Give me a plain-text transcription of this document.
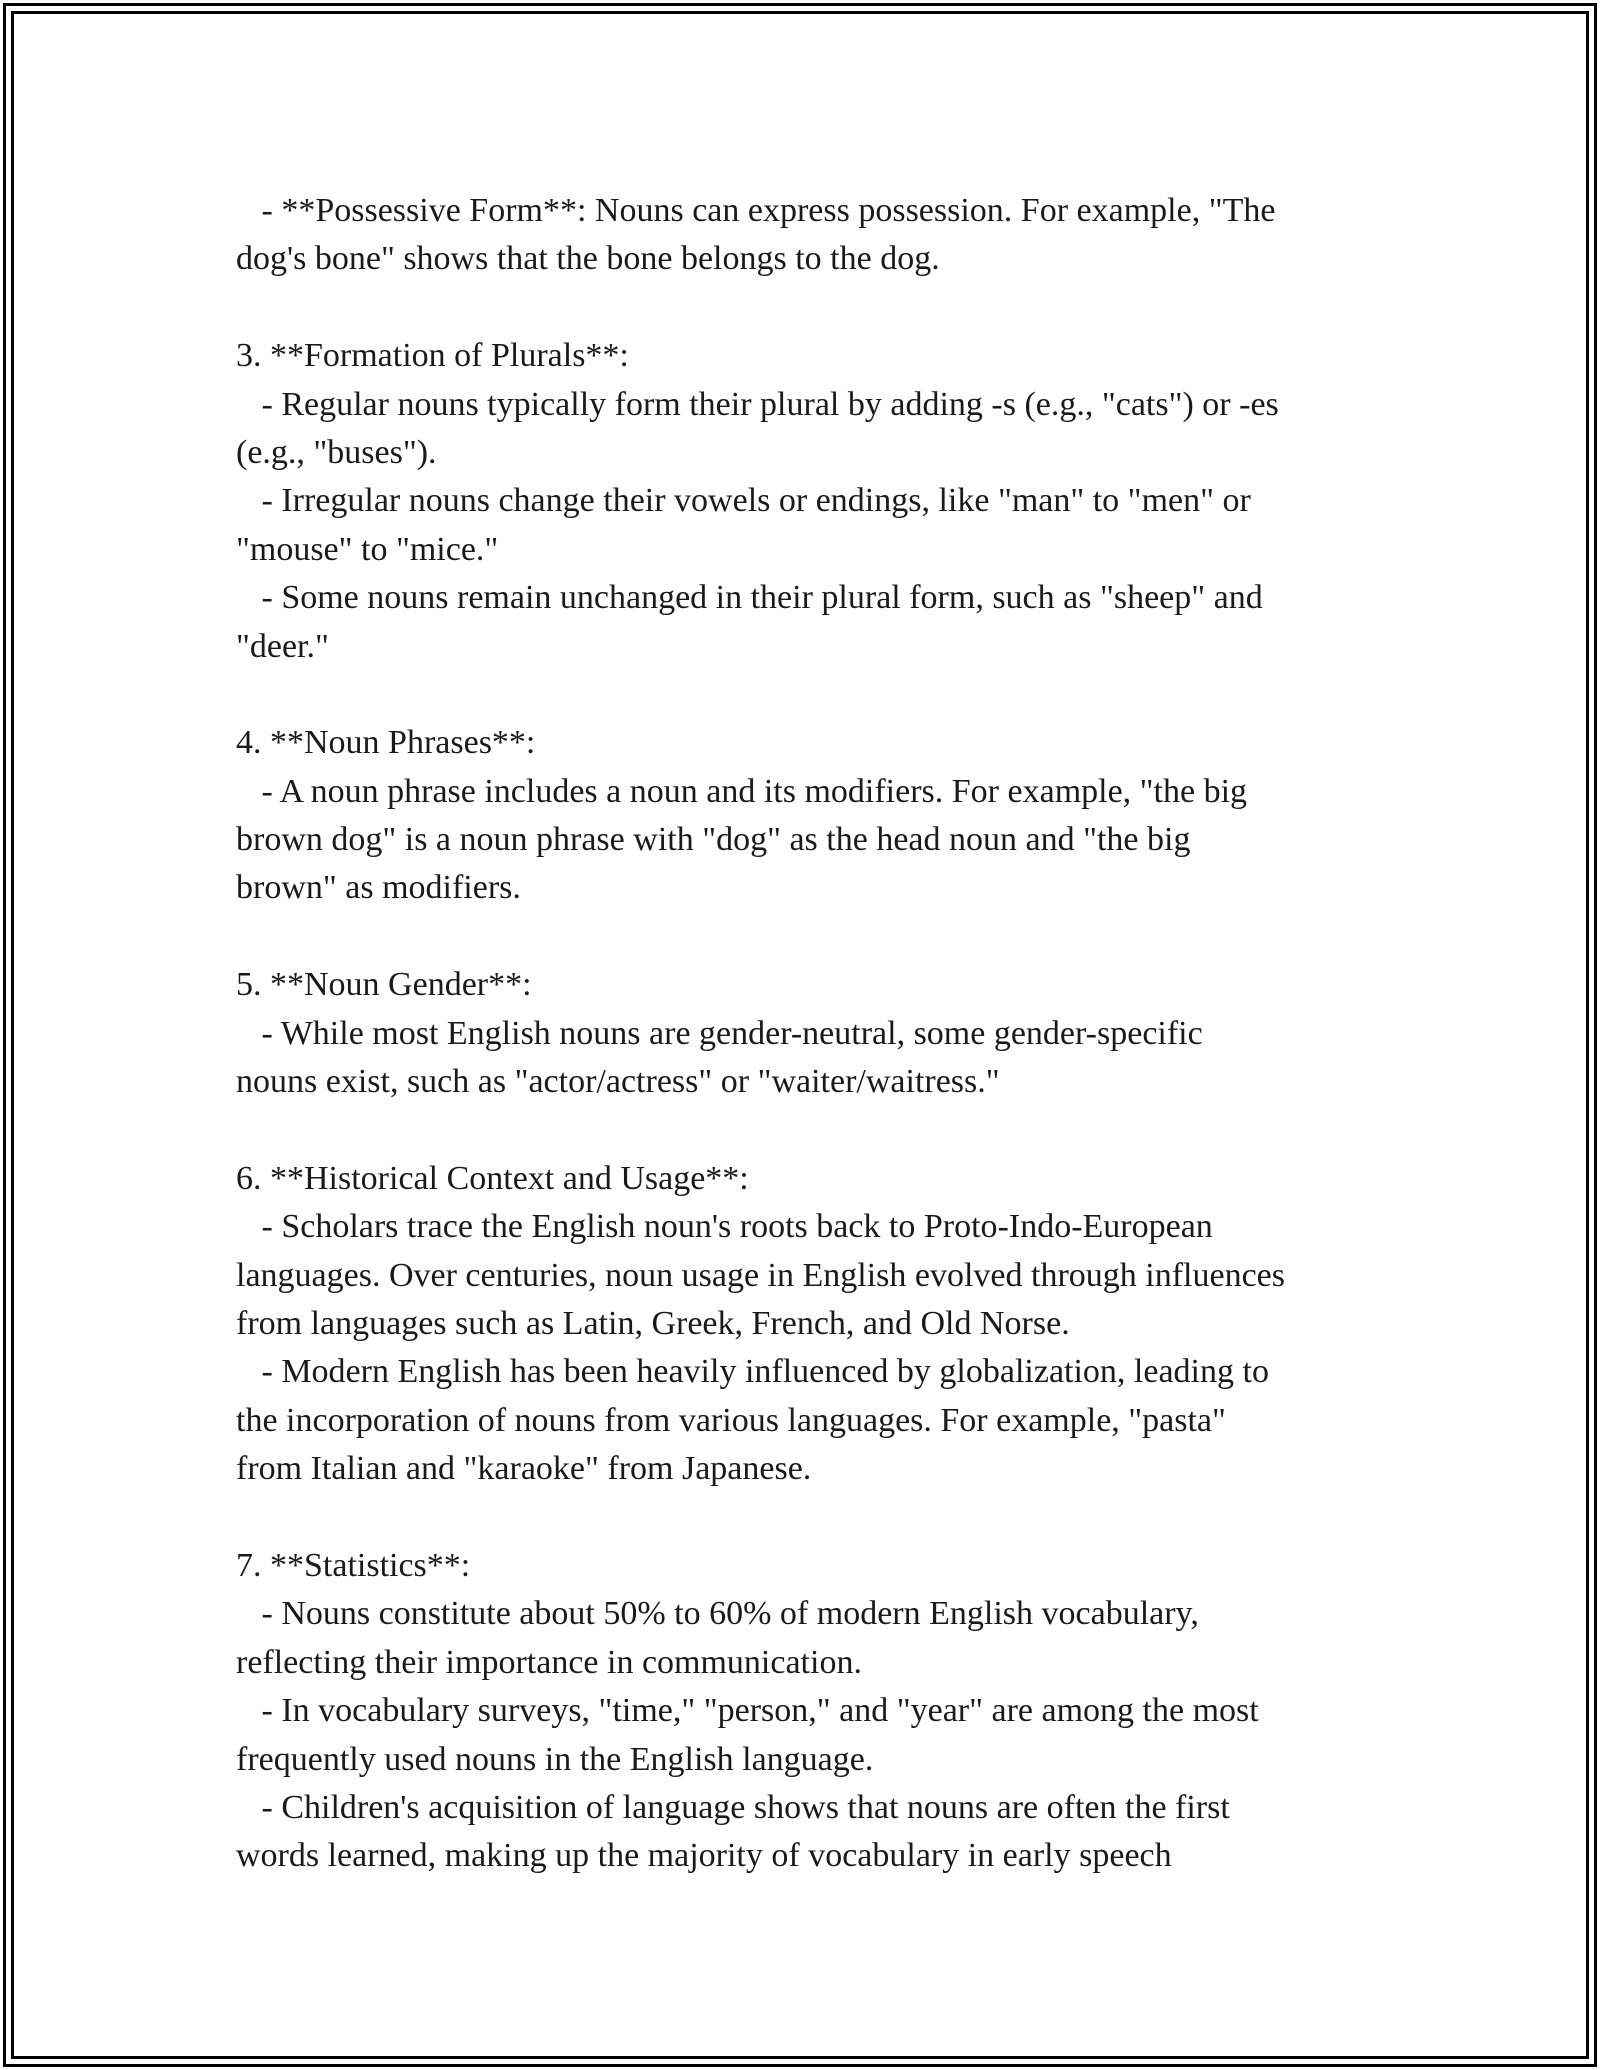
- **Possessive Form**: Nouns can express possession. For example, "The
dog's bone" shows that the bone belongs to the dog.
3. **Formation of Plurals**:
- Regular nouns typically form their plural by adding -s (e.g., "cats") or -es
(e.g., "buses").
- Irregular nouns change their vowels or endings, like "man" to "men" or
"mouse" to "mice."
- Some nouns remain unchanged in their plural form, such as "sheep" and
"deer."
4. **Noun Phrases**:
- A noun phrase includes a noun and its modifiers. For example, "the big
brown dog" is a noun phrase with "dog" as the head noun and "the big
brown" as modifiers.
5. **Noun Gender**:
- While most English nouns are gender-neutral, some gender-specific
nouns exist, such as "actor/actress" or "waiter/waitress."
6. **Historical Context and Usage**:
- Scholars trace the English noun's roots back to Proto-Indo-European
languages. Over centuries, noun usage in English evolved through influences
from languages such as Latin, Greek, French, and Old Norse.
- Modern English has been heavily influenced by globalization, leading to
the incorporation of nouns from various languages. For example, "pasta"
from Italian and "karaoke" from Japanese.
7. **Statistics**:
- Nouns constitute about 50% to 60% of modern English vocabulary,
reflecting their importance in communication.
- In vocabulary surveys, "time," "person," and "year" are among the most
frequently used nouns in the English language.
- Children's acquisition of language shows that nouns are often the first
words learned, making up the majority of vocabulary in early speech
